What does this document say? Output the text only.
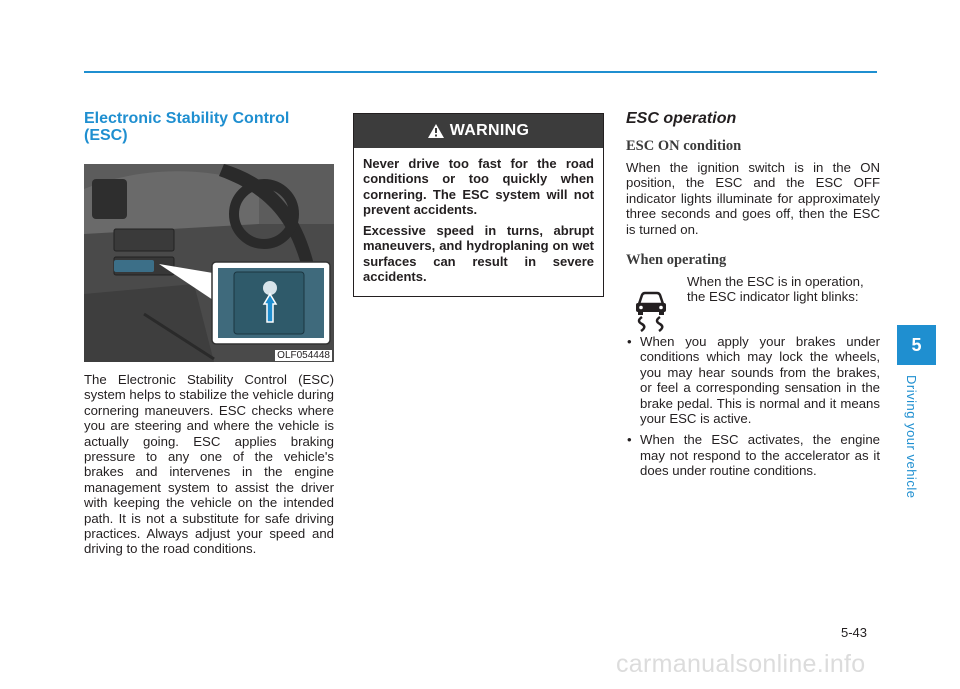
Electronic Stability Control
(ESC)
OLF054448

The Electronic Stability Control (ESC) system helps to stabilize the vehicle during cornering maneuvers. ESC checks where you are steering and where the vehicle is actually going. ESC applies braking pressure to any one of the vehicle's brakes and intervenes in the engine management system to assist the driver with keeping the vehicle on the intended path. It is not a substitute for safe driving practices. Always adjust your speed and driving to the road conditions.

WARNING

Never drive too fast for the road conditions or too quickly when cornering. The ESC system will not prevent accidents.

Excessive speed in turns, abrupt maneuvers, and hydroplaning on wet surfaces can result in severe accidents.

ESC operation
ESC ON condition

When the ignition switch is in the ON position, the ESC and the ESC OFF indicator lights illuminate for approximately three seconds and goes off, then the ESC is turned on.

When operating
When the ESC is in operation, the ESC indicator light blinks:
• When you apply your brakes under conditions which may lock the wheels, you may hear sounds from the brakes, or feel a corresponding sensation in the brake pedal. This is normal and it means your ESC is active.
• When the ESC activates, the engine may not respond to the accelerator as it does under routine conditions.
5
Driving your vehicle
5-43
carmanualsonline.info
